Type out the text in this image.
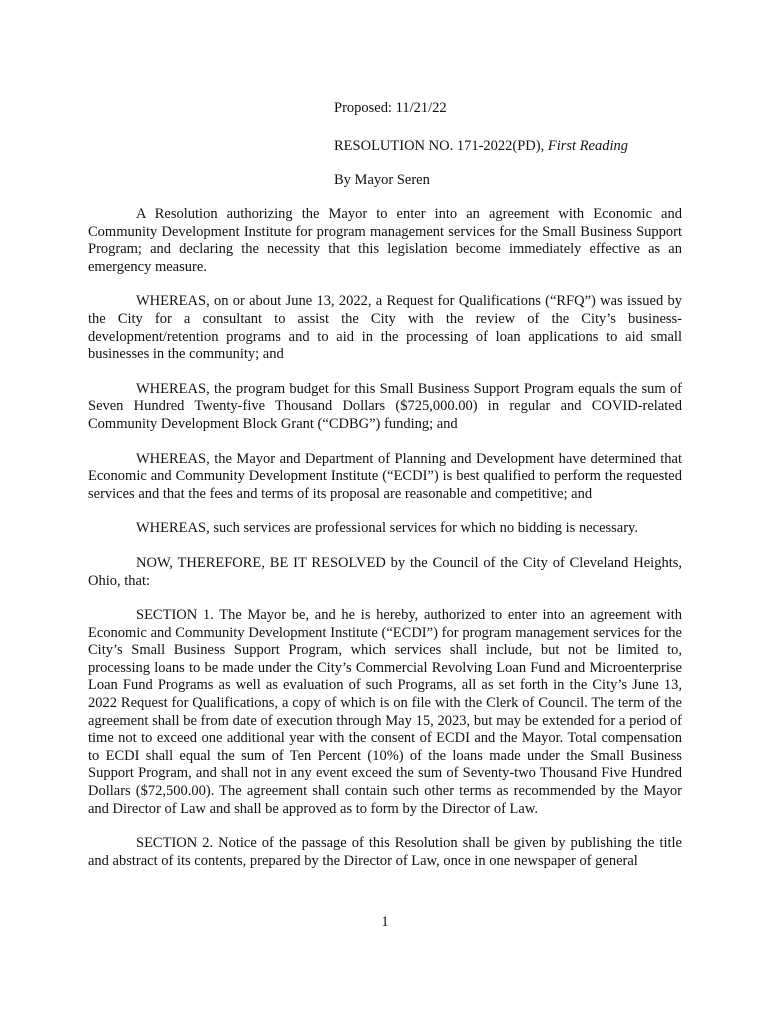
Proposed: 11/21/22
RESOLUTION NO. 171-2022(PD), First Reading
By Mayor Seren

A Resolution authorizing the Mayor to enter into an agreement with Economic and Community Development Institute for program management services for the Small Business Support Program; and declaring the necessity that this legislation become immediately effective as an emergency measure.

WHEREAS, on or about June 13, 2022, a Request for Qualifications (“RFQ”) was issued by the City for a consultant to assist the City with the review of the City’s business-development/retention programs and to aid in the processing of loan applications to aid small businesses in the community; and

WHEREAS, the program budget for this Small Business Support Program equals the sum of Seven Hundred Twenty-five Thousand Dollars ($725,000.00) in regular and COVID-related Community Development Block Grant (“CDBG”) funding; and

WHEREAS, the Mayor and Department of Planning and Development have determined that Economic and Community Development Institute (“ECDI”) is best qualified to perform the requested services and that the fees and terms of its proposal are reasonable and competitive; and

WHEREAS, such services are professional services for which no bidding is necessary.

NOW, THEREFORE, BE IT RESOLVED by the Council of the City of Cleveland Heights, Ohio, that:

SECTION 1. The Mayor be, and he is hereby, authorized to enter into an agreement with Economic and Community Development Institute (“ECDI”) for program management services for the City’s Small Business Support Program, which services shall include, but not be limited to, processing loans to be made under the City’s Commercial Revolving Loan Fund and Microenterprise Loan Fund Programs as well as evaluation of such Programs, all as set forth in the City’s June 13, 2022 Request for Qualifications, a copy of which is on file with the Clerk of Council. The term of the agreement shall be from date of execution through May 15, 2023, but may be extended for a period of time not to exceed one additional year with the consent of ECDI and the Mayor. Total compensation to ECDI shall equal the sum of Ten Percent (10%) of the loans made under the Small Business Support Program, and shall not in any event exceed the sum of Seventy-two Thousand Five Hundred Dollars ($72,500.00). The agreement shall contain such other terms as recommended by the Mayor and Director of Law and shall be approved as to form by the Director of Law.

SECTION 2. Notice of the passage of this Resolution shall be given by publishing the title and abstract of its contents, prepared by the Director of Law, once in one newspaper of general

1
